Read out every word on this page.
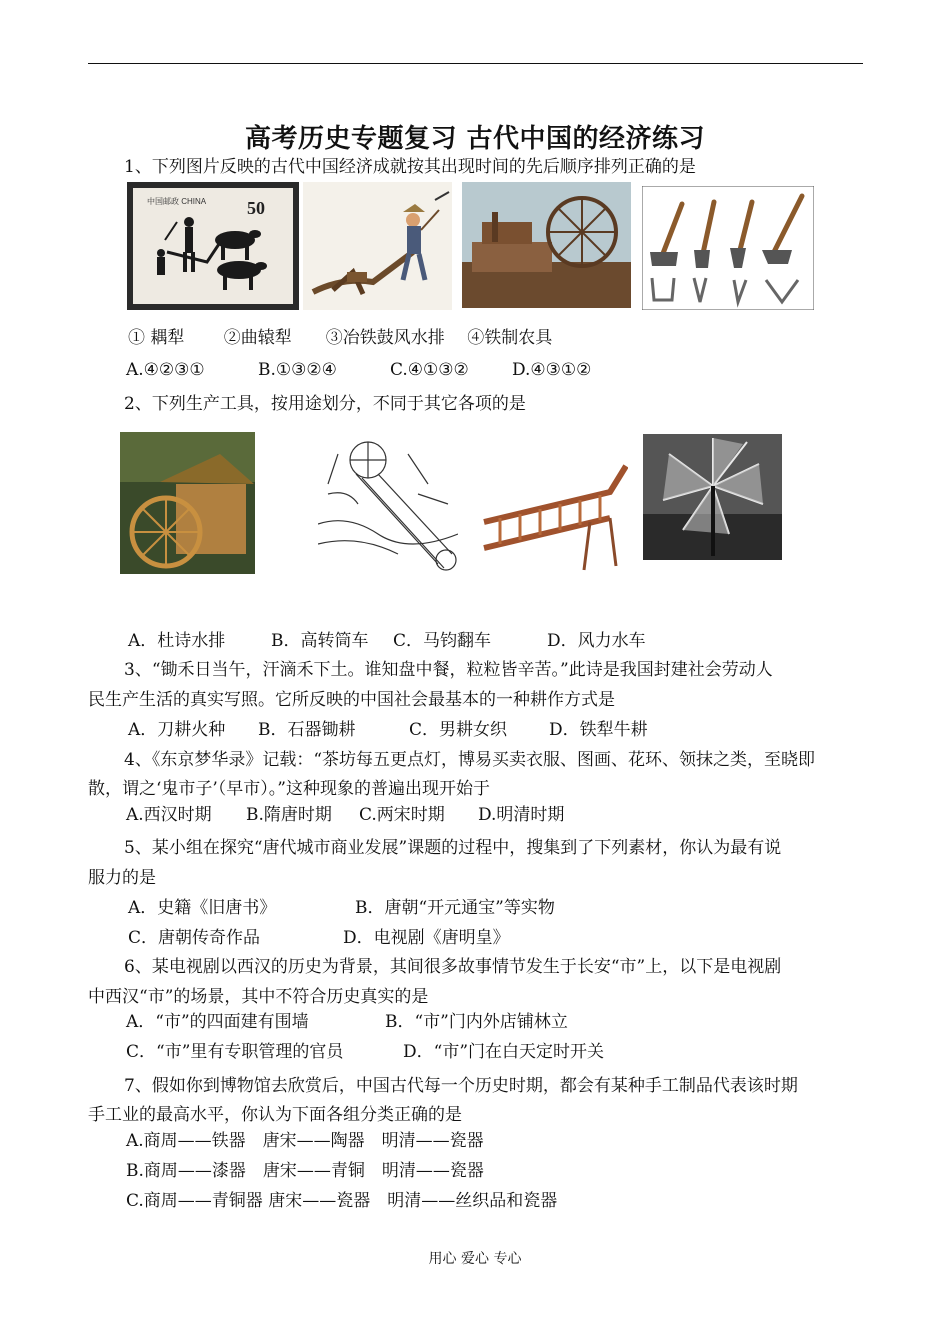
高考历史专题复习 古代中国的经济练习
1、下列图片反映的古代中国经济成就按其出现时间的先后顺序排列正确的是
中国邮政 CHINA 50
① 耦犁　　 ②曲辕犁　　③冶铁鼓风水排　 ④铁制农具
A.④②③①	B.①③②④	C.④①③②	D.④③①②
2、下列生产工具，按用途划分，不同于其它各项的是
A．杜诗水排	B．高转筒车 C．马钧翻车	D．风力水车
3、“锄禾日当午，汗滴禾下土。谁知盘中餐，粒粒皆辛苦。”此诗是我国封建社会劳动人
民生产生活的真实写照。它所反映的中国社会最基本的一种耕作方式是
A．刀耕火种 B．石器锄耕	C．男耕女织 D．铁犁牛耕
4、《东京梦华录》记载：“茶坊每五更点灯，博易买卖衣服、图画、花环、领抹之类，至晓即
散，谓之‘鬼市子’（早市）。”这种现象的普遍出现开始于
A.西汉时期 B.隋唐时期 C.两宋时期 D.明清时期
5、某小组在探究“唐代城市商业发展”课题的过程中，搜集到了下列素材，你认为最有说
服力的是
A．史籍《旧唐书》	B．唐朝“开元通宝”等实物
C．唐朝传奇作品	D．电视剧《唐明皇》
6、某电视剧以西汉的历史为背景，其间很多故事情节发生于长安“市”上，以下是电视剧
中西汉“市”的场景，其中不符合历史真实的是
A．“市”的四面建有围墙	B．“市”门内外店铺林立
C．“市”里有专职管理的官员	D．“市”门在白天定时开关
7、假如你到博物馆去欣赏后，中国古代每一个历史时期，都会有某种手工制品代表该时期
手工业的最高水平，你认为下面各组分类正确的是
A.商周——铁器　唐宋——陶器　明清——瓷器
B.商周——漆器　唐宋——青铜　明清——瓷器
C.商周——青铜器 唐宋——瓷器　明清——丝织品和瓷器
用心 爱心 专心
